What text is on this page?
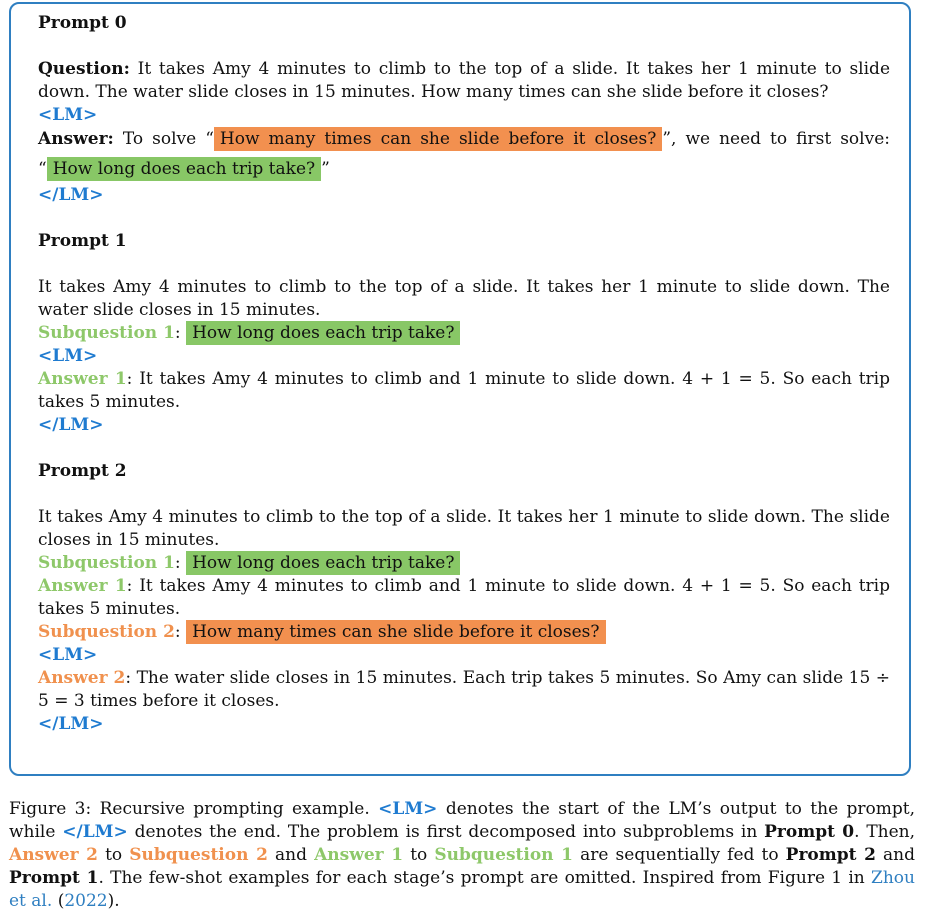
Prompt 0
Question: It takes Amy 4 minutes to climb to the top of a slide. It takes her 1 minute to slide down. The water slide closes in 15 minutes. How many times can she slide before it closes?
<LM>
Answer: To solve “ How many times can she slide before it closes? ”, we need to first solve: “ How long does each trip take? ”
</LM>
Prompt 1
It takes Amy 4 minutes to climb to the top of a slide. It takes her 1 minute to slide down. The water slide closes in 15 minutes.
Subquestion 1: How long does each trip take?
<LM>
Answer 1: It takes Amy 4 minutes to climb and 1 minute to slide down. 4 + 1 = 5. So each trip takes 5 minutes.
</LM>
Prompt 2
It takes Amy 4 minutes to climb to the top of a slide. It takes her 1 minute to slide down. The slide closes in 15 minutes.
Subquestion 1: How long does each trip take?
Answer 1: It takes Amy 4 minutes to climb and 1 minute to slide down. 4 + 1 = 5. So each trip takes 5 minutes.
Subquestion 2: How many times can she slide before it closes?
<LM>
Answer 2: The water slide closes in 15 minutes. Each trip takes 5 minutes. So Amy can slide 15 ÷ 5 = 3 times before it closes.
</LM>
Figure 3: Recursive prompting example. <LM> denotes the start of the LM’s output to the prompt, while </LM> denotes the end. The problem is first decomposed into subproblems in Prompt 0. Then, Answer 2 to Subquestion 2 and Answer 1 to Subquestion 1 are sequentially fed to Prompt 2 and Prompt 1. The few-shot examples for each stage’s prompt are omitted. Inspired from Figure 1 in Zhou et al. (2022).
